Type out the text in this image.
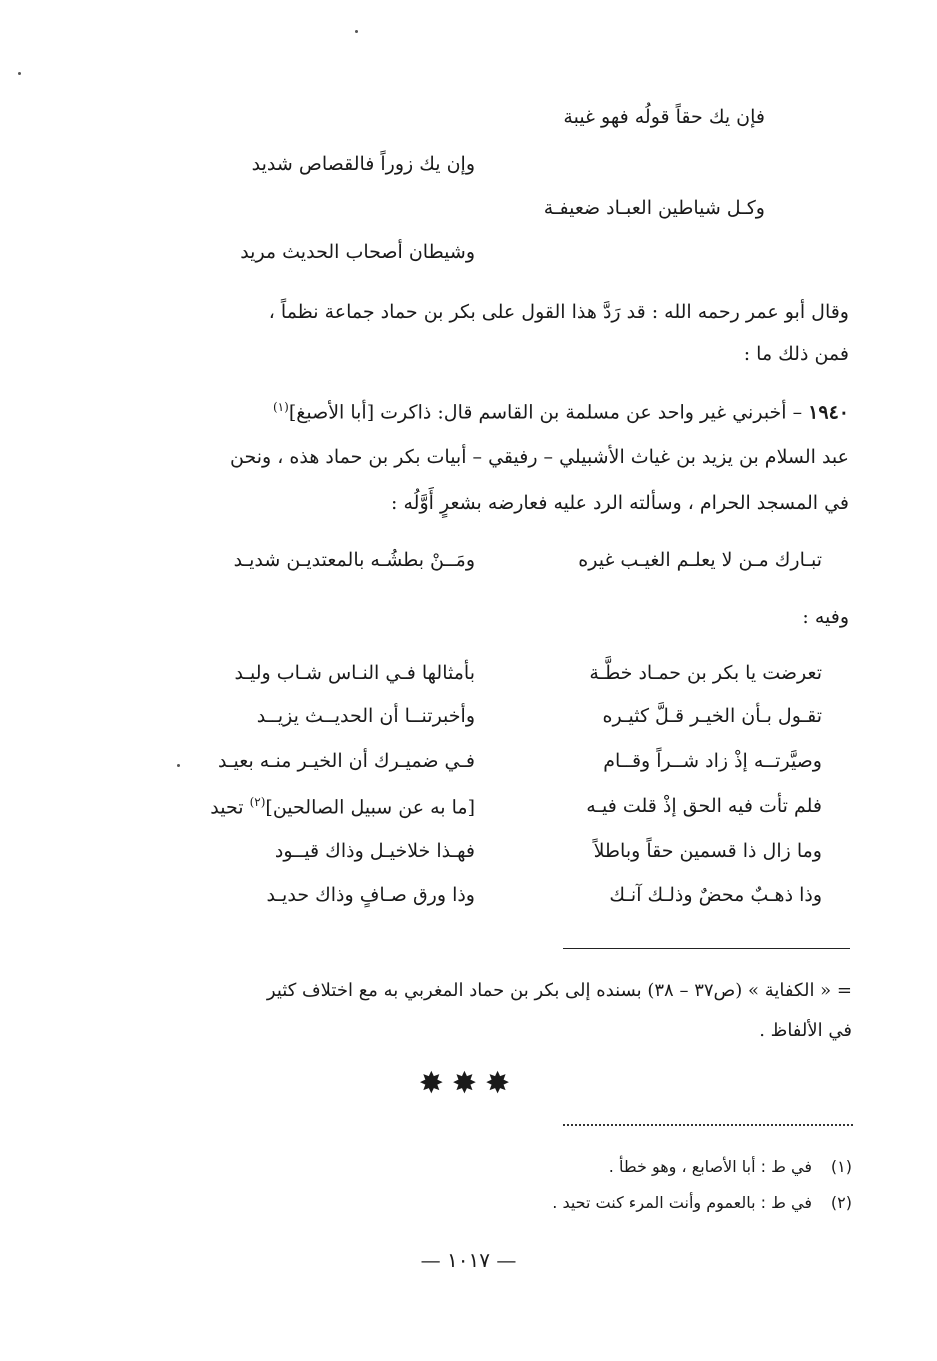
فإن يك حقاً قولُه فهو غيبة
وإن يك زوراً فالقصاص شديد
وكـل شياطين العبـاد ضعيفـة
وشيطان أصحاب الحديث مريد
وقال أبو عمر رحمه الله : قد رَدَّ هذا القول على بكر بن حماد جماعة نظماً ،
فمن ذلك ما :
١٩٤٠ – أخبرني غير واحد عن مسلمة بن القاسم قال: ذاكرت [أبا الأصبغ]$^{(١)}$
عبد السلام بن يزيد بن غياث الأشبيلي – رفيقي – أبيات بكر بن حماد هذه ، ونحن
في المسجد الحرام ، وسألته الرد عليه فعارضه بشعرٍ أَوَّلُه :
تبـارك مـن لا يعلـم الغيـب غيره
ومَــنْ بطشُـه بالمعتديـن شديـد
وفيه :
تعرضت يا بكر بن حمـاد خطَّـة
بأمثالها فـي النـاس شـاب وليـد
تقـول بـأن الخيـر قـلَّ كثيـره
وأخبرتنــا أن الحديــث يزيــد
وصيَّرتــه إذْ زاد شــراً وقــام
فـي ضميـرك أن الخيـر منـه بعيـد
فلم تأت فيه الحق إذْ قلت فيـه
[ما به عن سبيل الصالحين]$^{(٢)}$ تحيد
وما زال ذا قسمين حقاً وباطلاً
فهـذا خلاخيـل وذاك قيــود
وذا ذهـبٌ محضٌ وذلـك آنـك
وذا ورق صـافٍ وذاك حديـد
= « الكفاية » (ص٣٧ – ٣٨) بسنده إلى بكر بن حماد المغربي به مع اختلاف كثير
في الألفاظ .
✸✸✸
(١)في ط : أبا الأصابع ، وهو خطأ .
(٢)في ط : بالعموم وأنت المرء كنت تحيد .
— ١٠١٧ —
